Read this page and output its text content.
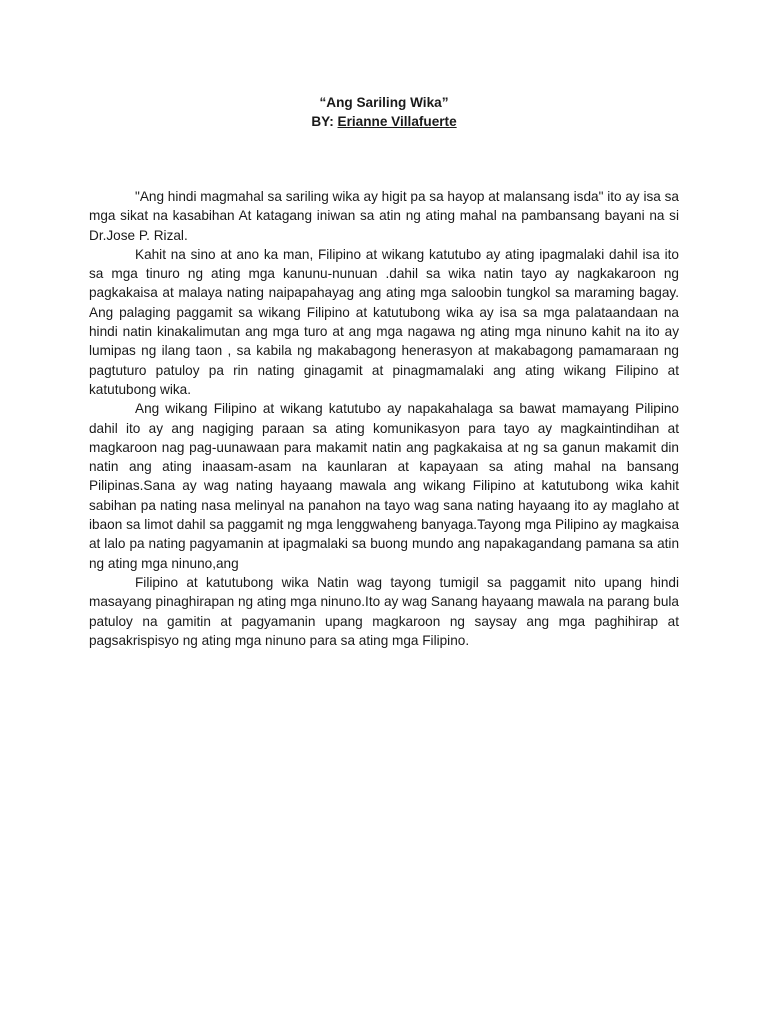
“Ang Sariling Wika”
BY: Erianne Villafuerte

"Ang hindi magmahal sa sariling wika ay higit pa sa hayop at malansang isda" ito ay isa sa mga sikat na kasabihan At katagang iniwan sa atin ng ating mahal na pambansang bayani na si Dr.Jose P. Rizal.

Kahit na sino at ano ka man, Filipino at wikang katutubo ay ating ipagmalaki dahil isa ito sa mga tinuro ng ating mga kanunu-nunuan .dahil sa wika natin tayo ay nagkakaroon ng pagkakaisa at malaya nating naipapahayag ang ating mga saloobin tungkol sa maraming bagay. Ang palaging paggamit sa wikang Filipino at katutubong wika ay isa sa mga palataandaan na hindi natin kinakalimutan ang mga turo at ang mga nagawa ng ating mga ninuno kahit na ito ay lumipas ng ilang taon , sa kabila ng makabagong henerasyon at makabagong pamamaraan ng pagtuturo patuloy pa rin nating ginagamit at pinagmamalaki ang ating wikang Filipino at katutubong wika.

Ang wikang Filipino at wikang katutubo ay napakahalaga sa bawat mamayang Pilipino dahil ito ay ang nagiging paraan sa ating komunikasyon para tayo ay magkaintindihan at magkaroon nag pag-uunawaan para makamit natin ang pagkakaisa at ng sa ganun makamit din natin ang ating inaasam-asam na kaunlaran at kapayaan sa ating mahal na bansang Pilipinas.Sana ay wag nating hayaang mawala ang wikang Filipino at katutubong wika kahit sabihan pa nating nasa melinyal na panahon na tayo wag sana nating hayaang ito ay maglaho at ibaon sa limot dahil sa paggamit ng mga lenggwaheng banyaga.Tayong mga Pilipino ay magkaisa at lalo pa nating pagyamanin at ipagmalaki sa buong mundo ang napakagandang pamana sa atin ng ating mga ninuno,ang

Filipino at katutubong wika Natin wag tayong tumigil sa paggamit nito upang hindi masayang pinaghirapan ng ating mga ninuno.Ito ay wag Sanang hayaang mawala na parang bula patuloy na gamitin at pagyamanin upang magkaroon ng saysay ang mga paghihirap at pagsakrispisyo ng ating mga ninuno para sa ating mga Filipino.
